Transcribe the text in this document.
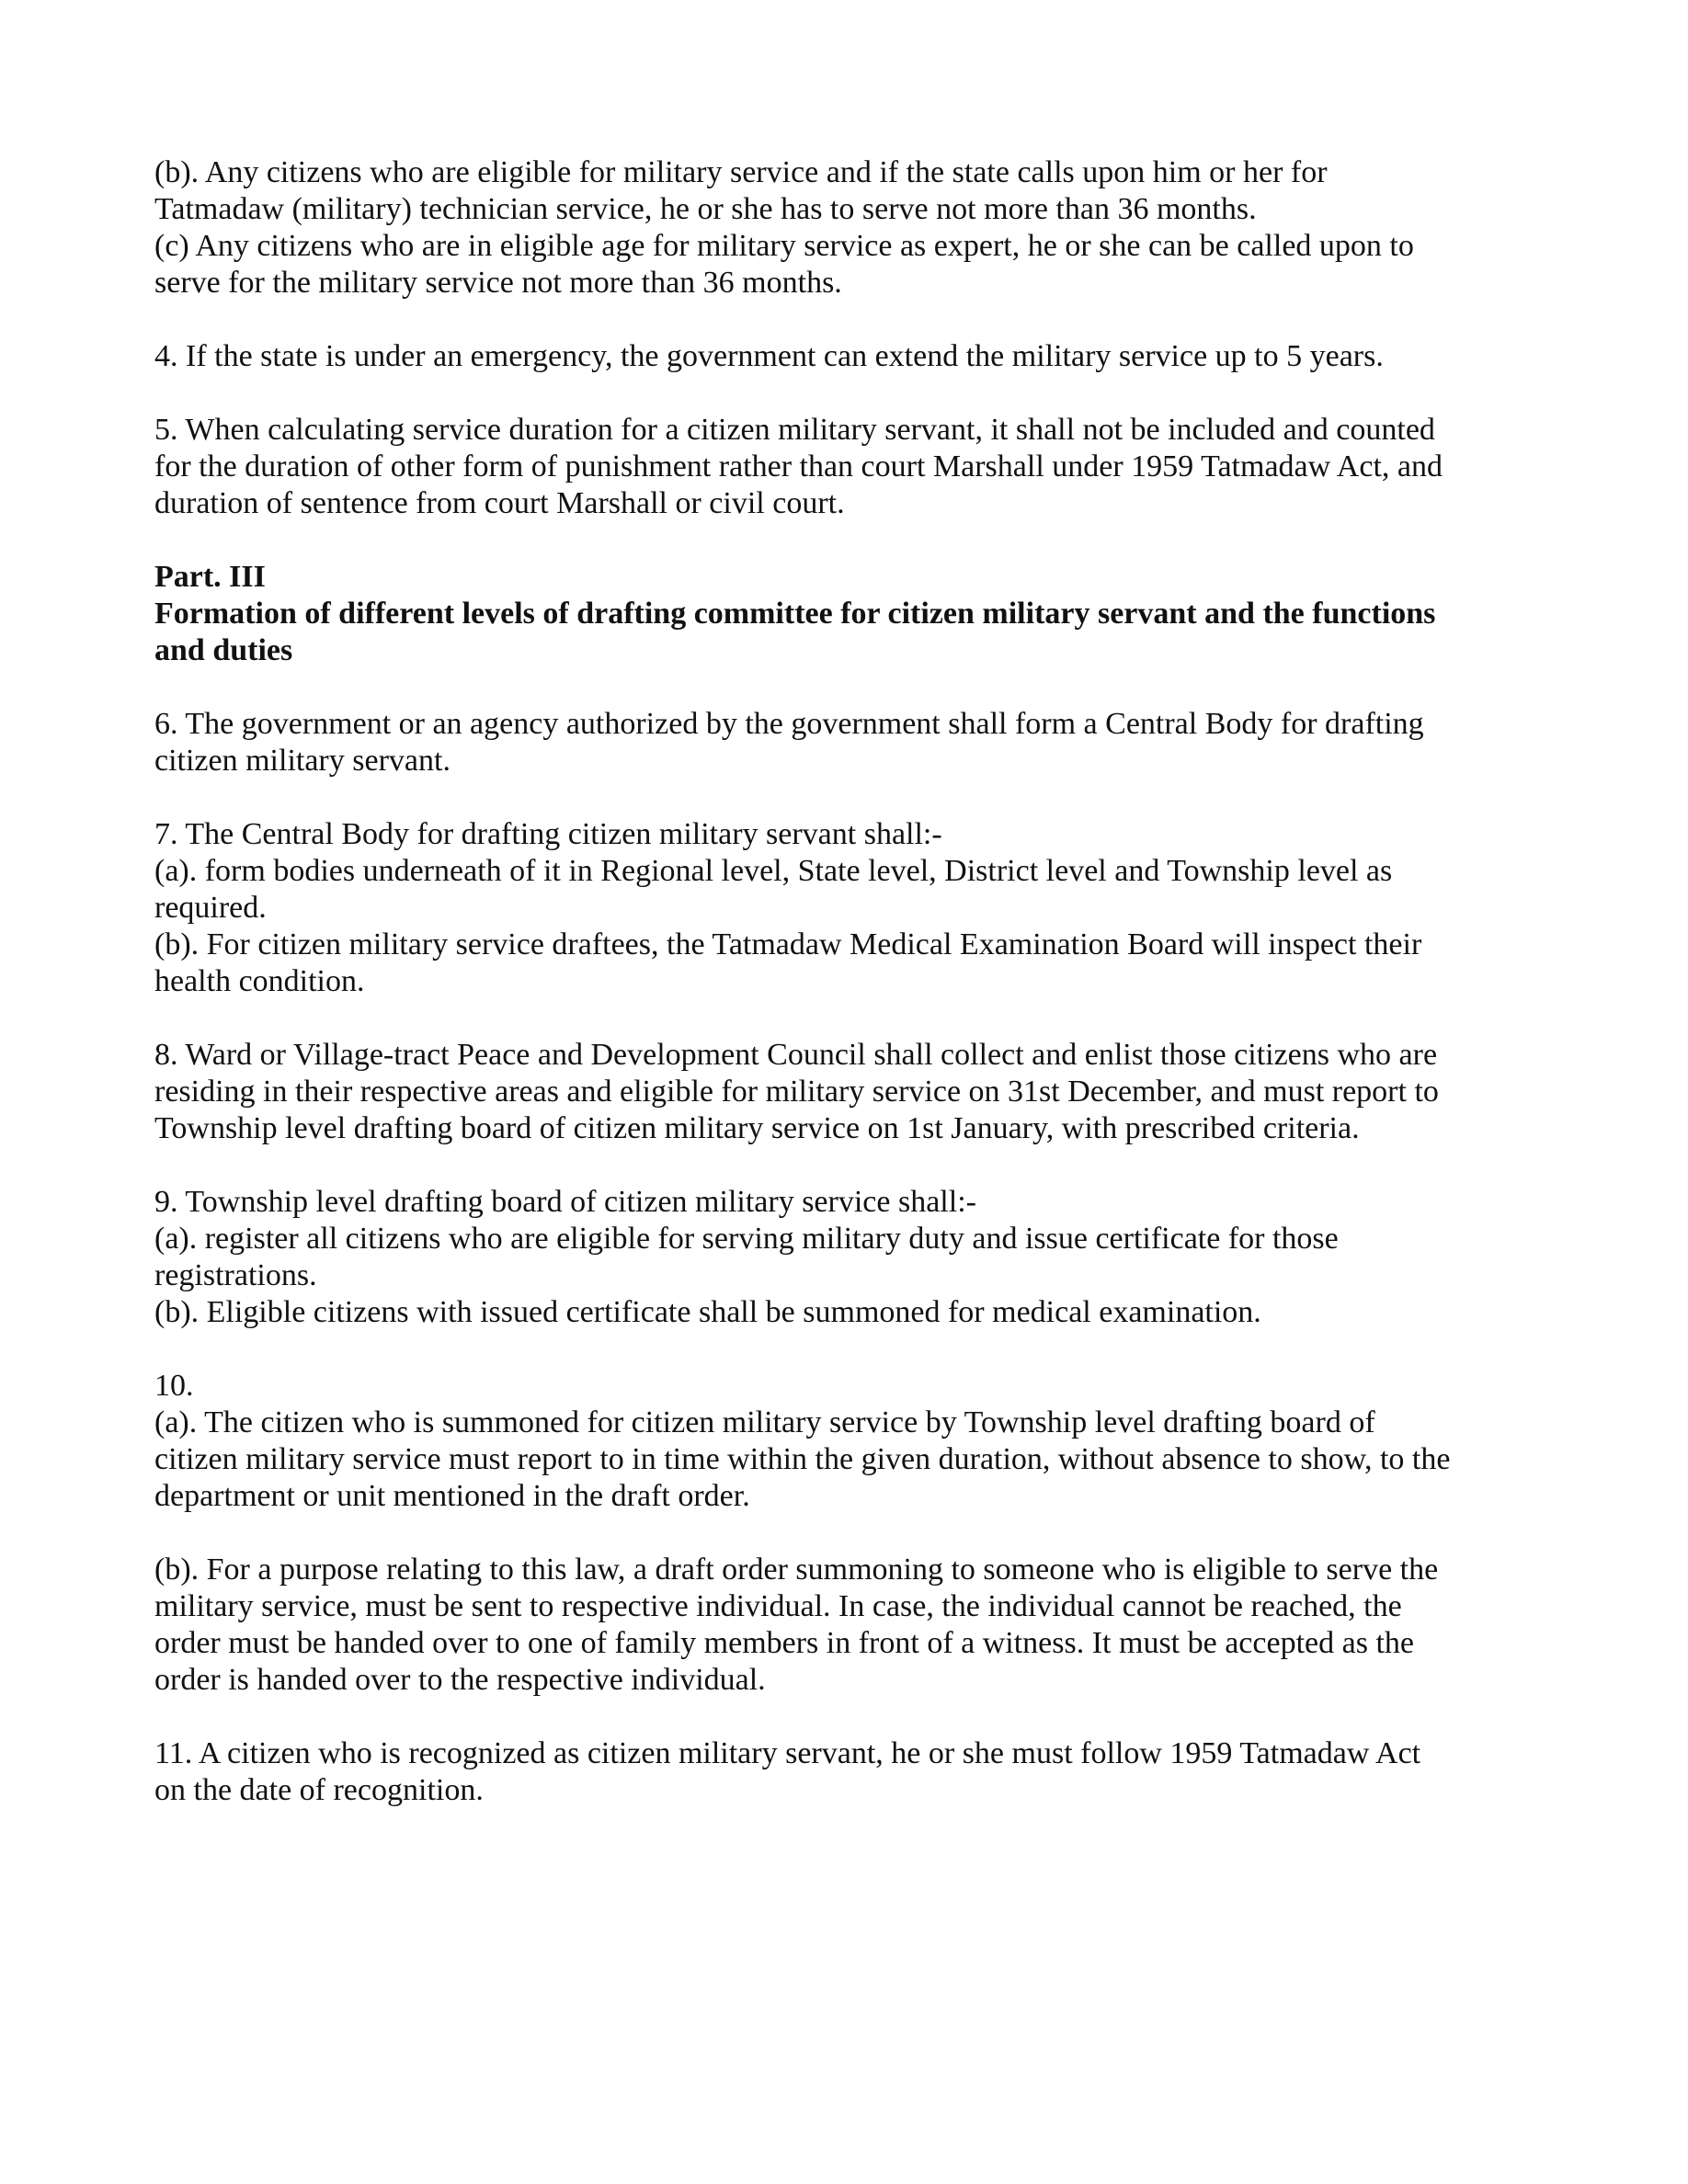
(b). Any citizens who are eligible for military service and if the state calls upon him or her for
Tatmadaw (military) technician service, he or she has to serve not more than 36 months.
(c) Any citizens who are in eligible age for military service as expert, he or she can be called upon to
serve for the military service not more than 36 months.
4. If the state is under an emergency, the government can extend the military service up to 5 years.
5. When calculating service duration for a citizen military servant, it shall not be included and counted
for the duration of other form of punishment rather than court Marshall under 1959 Tatmadaw Act, and
duration of sentence from court Marshall or civil court.
Part. III
Formation of different levels of drafting committee for citizen military servant and the functions
and duties
6. The government or an agency authorized by the government shall form a Central Body for drafting
citizen military servant.
7. The Central Body for drafting citizen military servant shall:-
(a). form bodies underneath of it in Regional level, State level, District level and Township level as
required.
(b). For citizen military service draftees, the Tatmadaw Medical Examination Board will inspect their
health condition.
8. Ward or Village-tract Peace and Development Council shall collect and enlist those citizens who are
residing in their respective areas and eligible for military service on 31st December, and must report to
Township level drafting board of citizen military service on 1st January, with prescribed criteria.
9. Township level drafting board of citizen military service shall:-
(a). register all citizens who are eligible for serving military duty and issue certificate for those
registrations.
(b). Eligible citizens with issued certificate shall be summoned for medical examination.
10.
(a). The citizen who is summoned for citizen military service by Township level drafting board of
citizen military service must report to in time within the given duration, without absence to show, to the
department or unit mentioned in the draft order.
(b). For a purpose relating to this law, a draft order summoning to someone who is eligible to serve the
military service, must be sent to respective individual. In case, the individual cannot be reached, the
order must be handed over to one of family members in front of a witness. It must be accepted as the
order is handed over to the respective individual.
11. A citizen who is recognized as citizen military servant, he or she must follow 1959 Tatmadaw Act
on the date of recognition.
